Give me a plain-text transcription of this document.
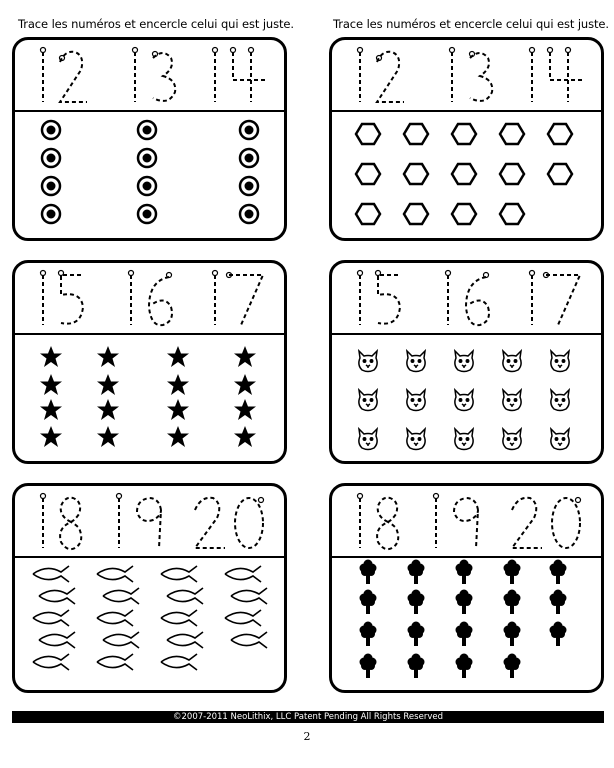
Trace les numéros et encercle celui qui est juste.	Trace les numéros et encercle celui qui est juste.
©2007-2011 NeoLithix, LLC Patent Pending All Rights Reserved
2
